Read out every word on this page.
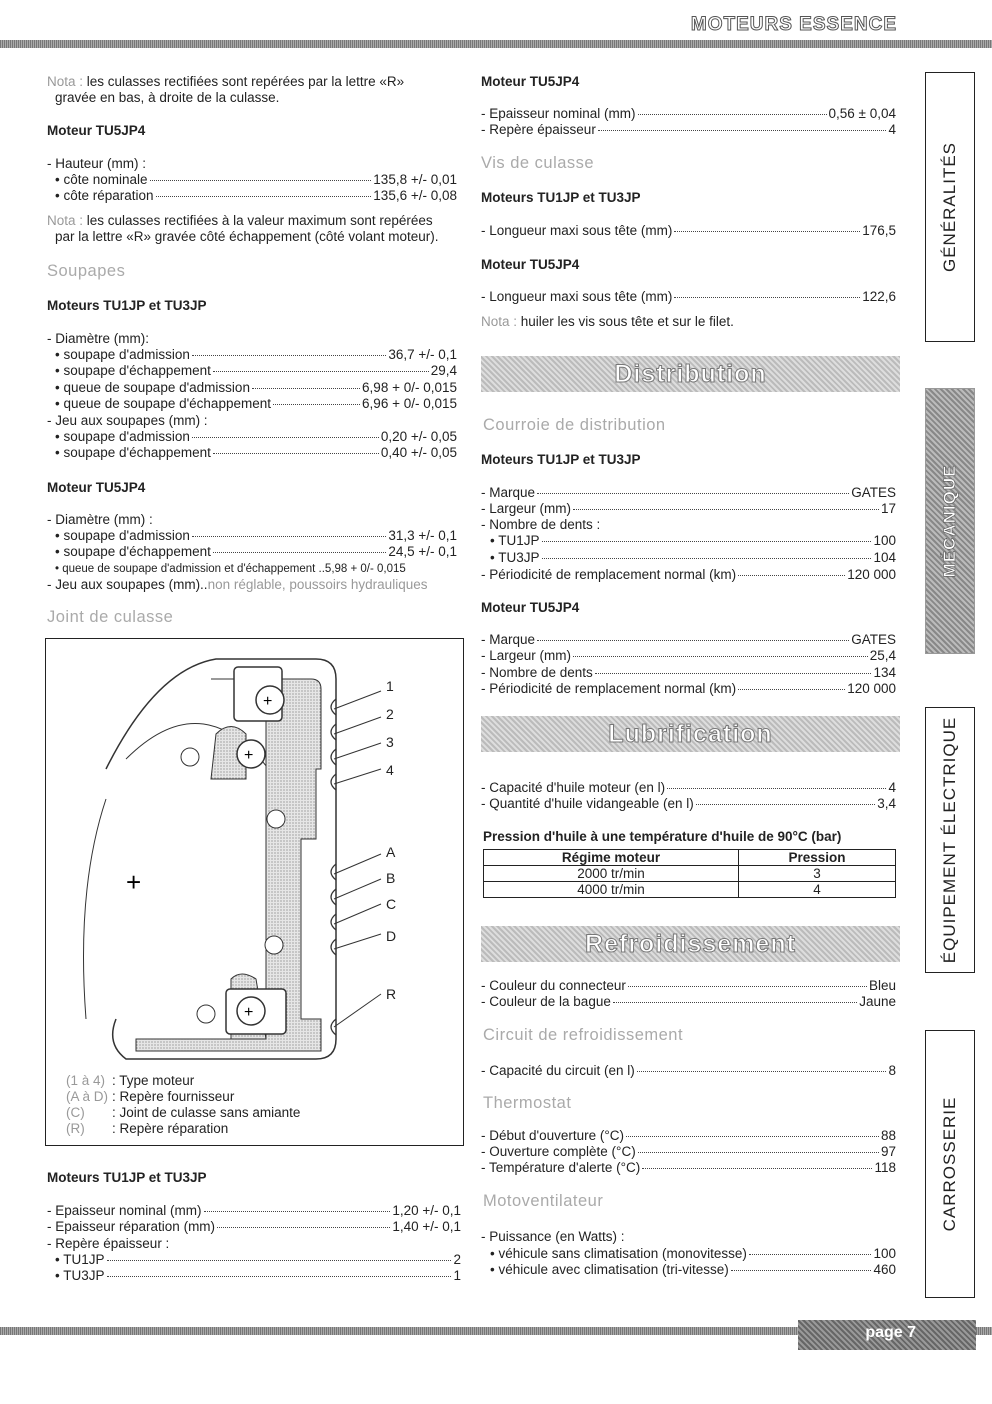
MOTEURS ESSENCE
GÉNÉRALITÉS
MÉCANIQUE
ÉQUIPEMENT ÉLECTRIQUE
CARROSSERIE
Nota : les culasses rectifiées sont repérées par la lettre «R»
gravée en bas, à droite de la culasse.
Moteur TU5JP4
- Hauteur (mm) :
• côte nominale	135,8 +/- 0,01
• côte réparation	135,6 +/- 0,08
Nota : les culasses rectifiées à la valeur maximum sont repérées
par la lettre «R» gravée côté échappement (côté volant moteur).
Soupapes
Moteurs TU1JP et TU3JP
- Diamètre (mm):
• soupape d'admission	36,7 +/- 0,1
• soupape d'échappement	29,4
• queue de soupape d'admission	6,98 + 0/- 0,015
• queue de soupape d'échappement	6,96 + 0/- 0,015
- Jeu aux soupapes (mm) :
• soupape d'admission	0,20 +/- 0,05
• soupape d'échappement	0,40 +/- 0,05
Moteur TU5JP4
- Diamètre (mm) :
• soupape d'admission	31,3 +/- 0,1
• soupape d'échappement	24,5 +/- 0,1
• queue de soupape d'admission et d'échappement .. 5,98 + 0/- 0,015
- Jeu aux soupapes (mm).. non réglable, poussoirs hydrauliques
Joint de culasse
+
+
+
+
1
2
3
4
A
B
C
D
R
(1 à 4) : Type moteur
(A à D) : Repère fournisseur
(C) : Joint de culasse sans amiante
(R) : Repère réparation
Moteurs TU1JP et TU3JP
- Epaisseur nominal (mm)	1,20 +/- 0,1
- Epaisseur réparation (mm)	1,40 +/- 0,1
- Repère épaisseur :
• TU1JP	2
• TU3JP	1
Moteur TU5JP4
- Epaisseur nominal (mm)	0,56 ± 0,04
- Repère épaisseur	4
Vis de culasse
Moteurs TU1JP et TU3JP
- Longueur maxi sous tête (mm)	176,5
Moteur TU5JP4
- Longueur maxi sous tête (mm)	122,6
Nota : huiler les vis sous tête et sur le filet.
Distribution
Courroie de distribution
Moteurs TU1JP et TU3JP
- Marque	GATES
- Largeur (mm)	17
- Nombre de dents :
• TU1JP	100
• TU3JP	104
- Périodicité de remplacement normal (km)	120 000
Moteur TU5JP4
- Marque	GATES
- Largeur (mm)	25,4
- Nombre de dents	134
- Périodicité de remplacement normal (km)	120 000
Lubrification
- Capacité d'huile moteur (en l)	4
- Quantité d'huile vidangeable (en l)	3,4
Pression d'huile à une température d'huile de 90°C (bar)
Régime moteur	Pression
2000 tr/min	3
4000 tr/min	4
Refroidissement
- Couleur du connecteur	Bleu
- Couleur de la bague	Jaune
Circuit de refroidissement
- Capacité du circuit (en l)	8
Thermostat
- Début d'ouverture (°C)	88
- Ouverture complète (°C)	97
- Température d'alerte (°C)	118
Motoventilateur
- Puissance (en Watts) :
• véhicule sans climatisation (monovitesse)	100
• véhicule avec climatisation (tri-vitesse)	460
page 7
